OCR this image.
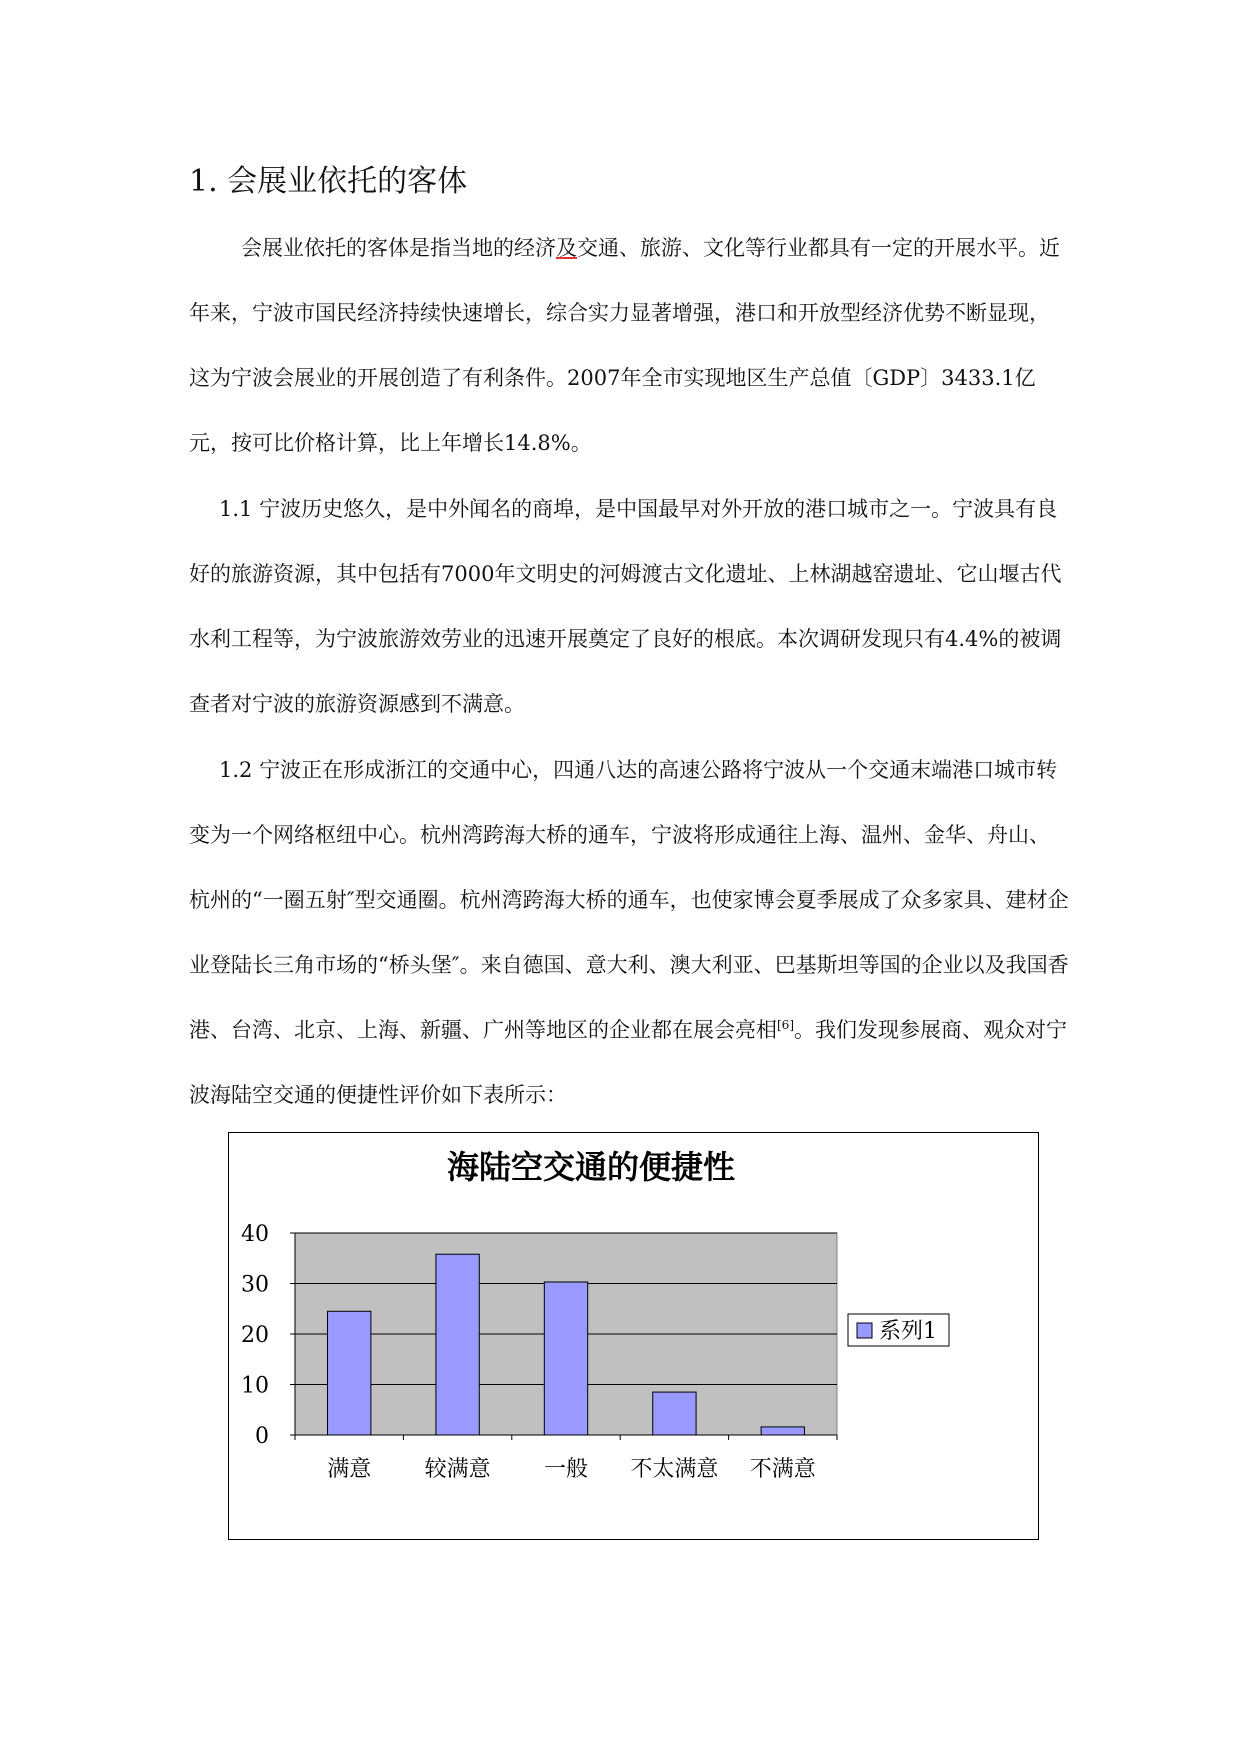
1. 会展业依托的客体
会展业依托的客体是指当地的经济及交通、旅游、文化等行业都具有一定的开展水平。近年来，宁波市国民经济持续快速增长，综合实力显著增强，港口和开放型经济优势不断显现，这为宁波会展业的开展创造了有利条件。2007年全市实现地区生产总值〔GDP〕3433.1亿元，按可比价格计算，比上年增长14.8%。
1.1 宁波历史悠久，是中外闻名的商埠，是中国最早对外开放的港口城市之一。宁波具有良好的旅游资源，其中包括有7000年文明史的河姆渡古文化遗址、上林湖越窑遗址、它山堰古代水利工程等，为宁波旅游效劳业的迅速开展奠定了良好的根底。本次调研发现只有4.4%的被调查者对宁波的旅游资源感到不满意。
1.2 宁波正在形成浙江的交通中心，四通八达的高速公路将宁波从一个交通末端港口城市转变为一个网络枢纽中心。杭州湾跨海大桥的通车，宁波将形成通往上海、温州、金华、舟山、杭州的“一圈五射″型交通圈。杭州湾跨海大桥的通车，也使家博会夏季展成了众多家具、建材企业登陆长三角市场的“桥头堡″。来自德国、意大利、澳大利亚、巴基斯坦等国的企业以及我国香港、台湾、北京、上海、新疆、广州等地区的企业都在展会亮相[6]。我们发现参展商、观众对宁波海陆空交通的便捷性评价如下表所示：
海陆空交通的便捷性
0
10
20
30
40
满意 较满意 一般 不太满意 不满意
系列1
